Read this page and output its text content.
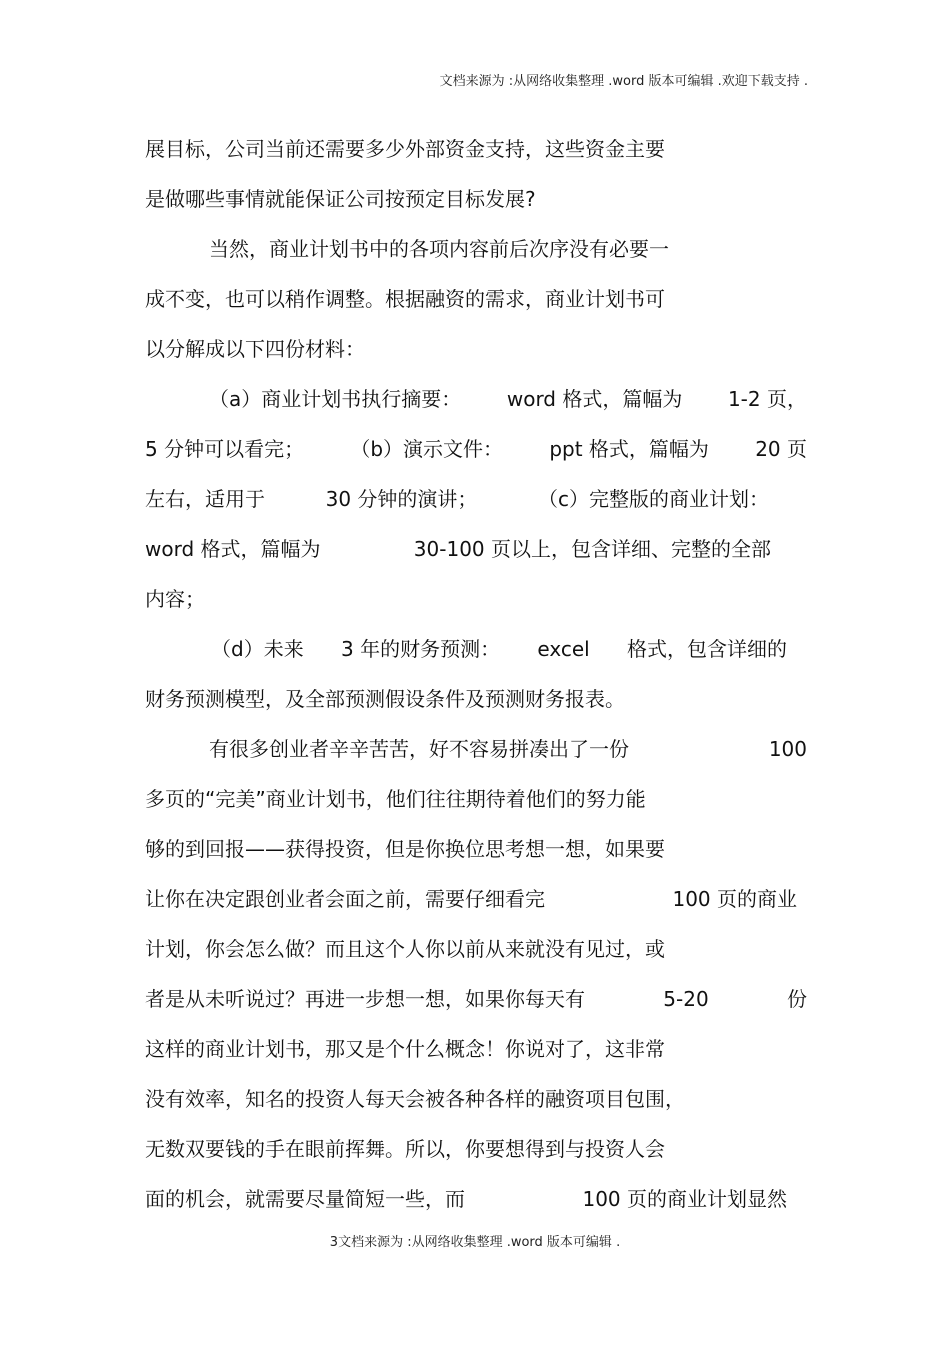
文档来源为 :从网络收集整理 .word 版本可编辑 .欢迎下载支持 .
展目标，公司当前还需要多少外部资金支持，这些资金主要
是做哪些事情就能保证公司按预定目标发展?
当然，商业计划书中的各项内容前后次序没有必要一
成不变，也可以稍作调整。根据融资的需求，商业计划书可
以分解成以下四份材料：
（a）商业计划书执行摘要： word 格式，篇幅为 1-2 页，
5 分钟可以看完； （b）演示文件： ppt 格式，篇幅为 20 页
左右，适用于	30 分钟的演讲；	（c）完整版的商业计划：
word 格式，篇幅为	30-100 页以上，包含详细、完整的全部
内容；
（d）未来 3 年的财务预测： excel 格式，包含详细的
财务预测模型，及全部预测假设条件及预测财务报表。
有很多创业者辛辛苦苦，好不容易拼凑出了一份	100
多页的“完美”商业计划书，他们往往期待着他们的努力能
够的到回报——获得投资，但是你换位思考想一想，如果要
让你在决定跟创业者会面之前，需要仔细看完	100 页的商业
计划，你会怎么做？而且这个人你以前从来就没有见过，或
者是从未听说过？再进一步想一想，如果你每天有	5-20	份
这样的商业计划书，那又是个什么概念！你说对了，这非常
没有效率，知名的投资人每天会被各种各样的融资项目包围，
无数双要钱的手在眼前挥舞。所以，你要想得到与投资人会
面的机会，就需要尽量简短一些，而	100 页的商业计划显然
3文档来源为 :从网络收集整理 .word 版本可编辑 .
